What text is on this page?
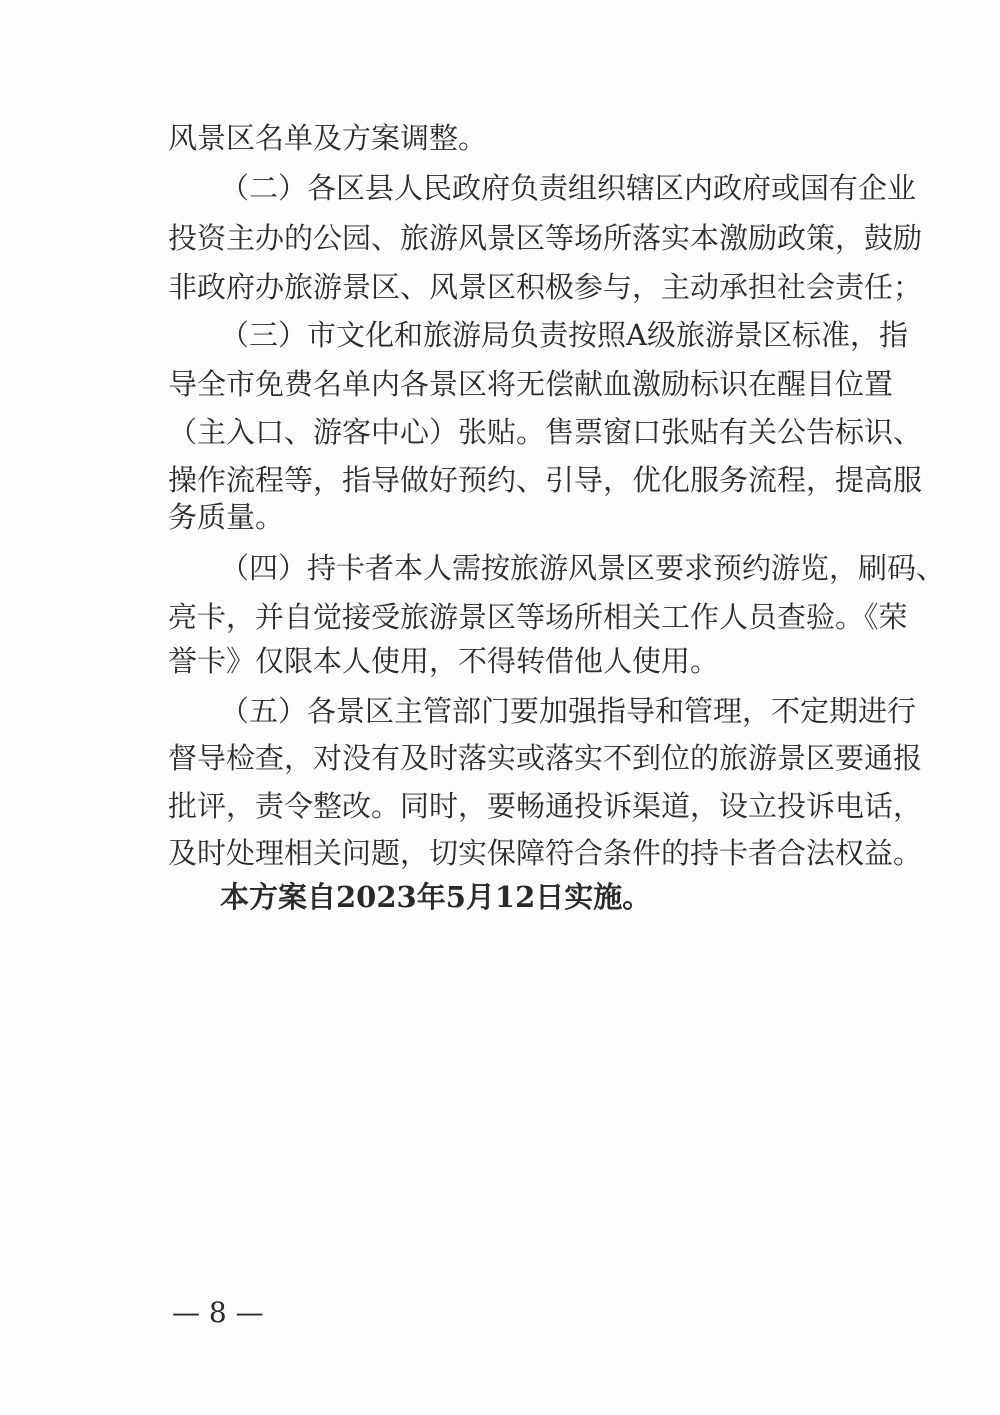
风景区名单及方案调整。
（二）各区县人民政府负责组织辖区内政府或国有企业
投资主办的公园、旅游风景区等场所落实本激励政策，鼓励
非政府办旅游景区、风景区积极参与，主动承担社会责任；
（三）市文化和旅游局负责按照A级旅游景区标准，指
导全市免费名单内各景区将无偿献血激励标识在醒目位置
（主入口、游客中心）张贴。售票窗口张贴有关公告标识、
操作流程等，指导做好预约、引导，优化服务流程，提高服
务质量。
（四）持卡者本人需按旅游风景区要求预约游览，刷码、
亮卡，并自觉接受旅游景区等场所相关工作人员查验。《荣
誉卡》仅限本人使用，不得转借他人使用。
（五）各景区主管部门要加强指导和管理，不定期进行
督导检查，对没有及时落实或落实不到位的旅游景区要通报
批评，责令整改。同时，要畅通投诉渠道，设立投诉电话，
及时处理相关问题，切实保障符合条件的持卡者合法权益。
本方案自2023年5月12日实施。
— 8 —
